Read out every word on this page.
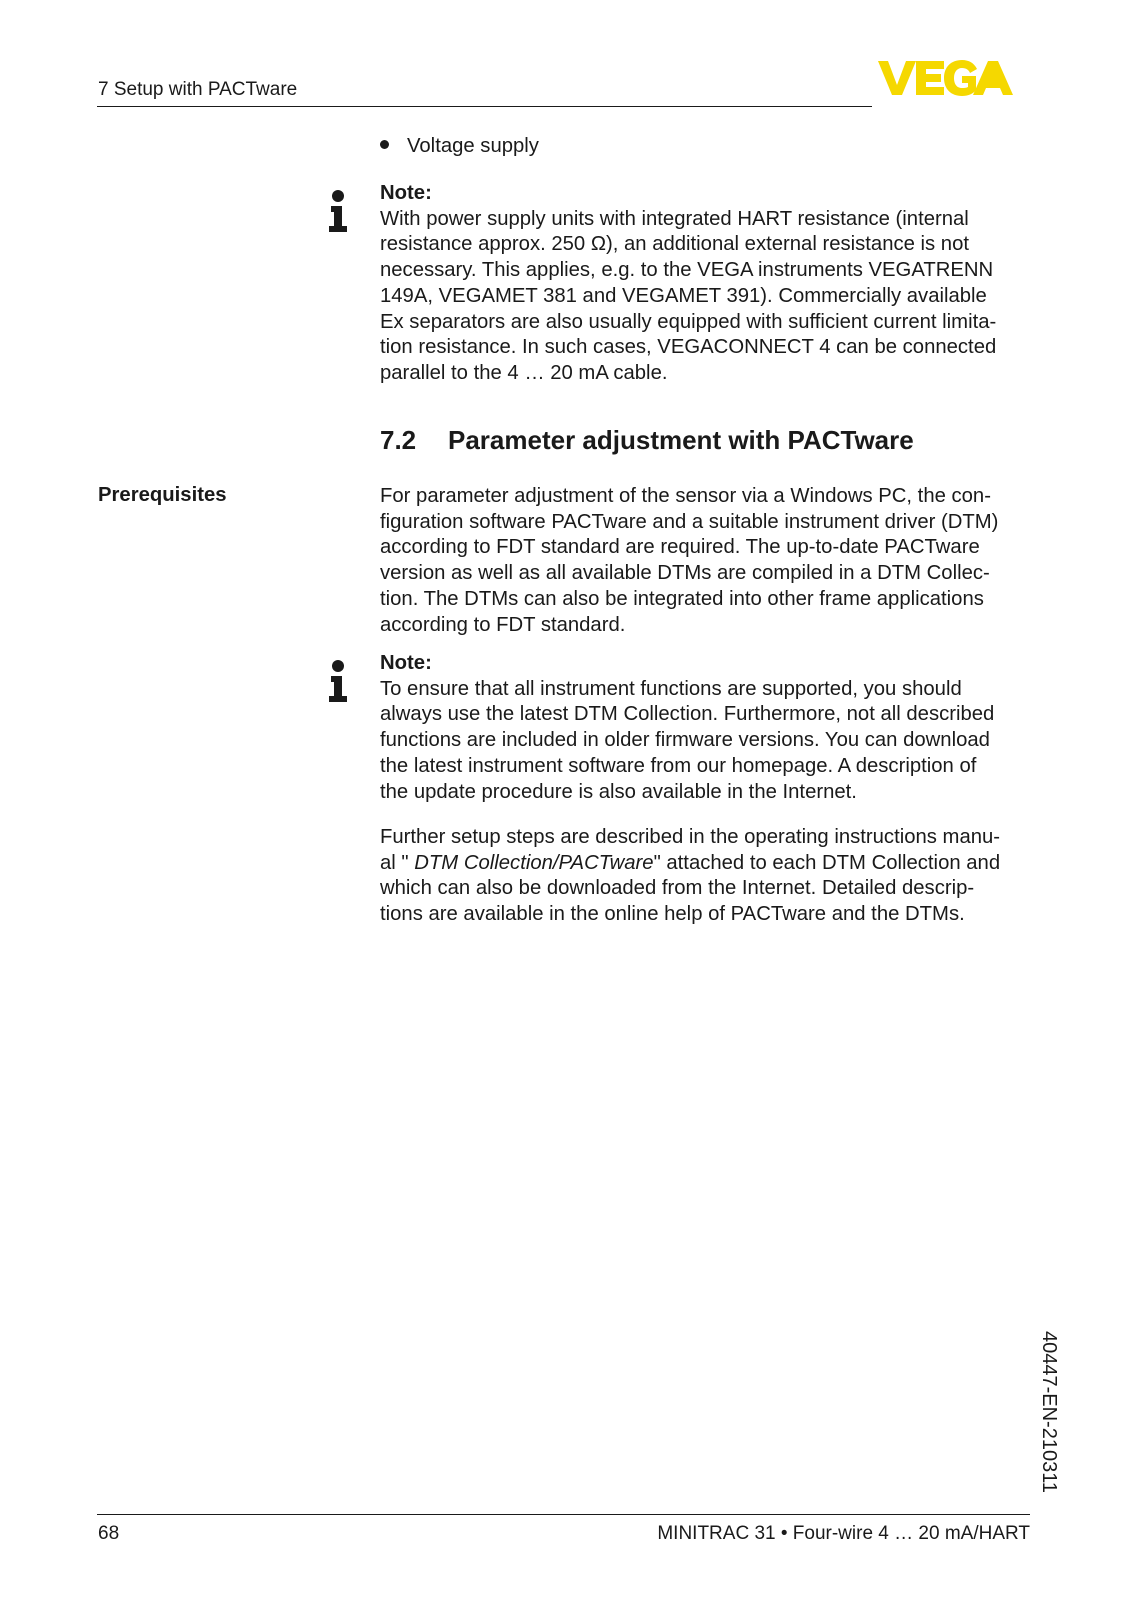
7 Setup with PACTware
Voltage supply

Note:

With power supply units with integrated HART resistance (internal

resistance approx. 250 Ω), an additional external resistance is not

necessary. This applies, e.g. to the VEGA instruments VEGATRENN

149A, VEGAMET 381 and VEGAMET 391). Commercially available

Ex separators are also usually equipped with sufficient current limita-

tion resistance. In such cases, VEGACONNECT 4 can be connected

parallel to the 4 … 20 mA cable.

7.2 Parameter adjustment with PACTware
Prerequisites	For parameter adjustment of the sensor via a Windows PC, the con-

figuration software PACTware and a suitable instrument driver (DTM)

according to FDT standard are required. The up-to-date PACTware

version as well as all available DTMs are compiled in a DTM Collec-

tion. The DTMs can also be integrated into other frame applications

according to FDT standard.

Note:

To ensure that all instrument functions are supported, you should

always use the latest DTM Collection. Furthermore, not all described

functions are included in older firmware versions. You can download

the latest instrument software from our homepage. A description of

the update procedure is also available in the Internet.

Further setup steps are described in the operating instructions manu-

al " DTM Collection/PACTware" attached to each DTM Collection and

which can also be downloaded from the Internet. Detailed descrip-

tions are available in the online help of PACTware and the DTMs.

40447-EN-210311
68	MINITRAC 31 • Four-wire 4 … 20 mA/HART
